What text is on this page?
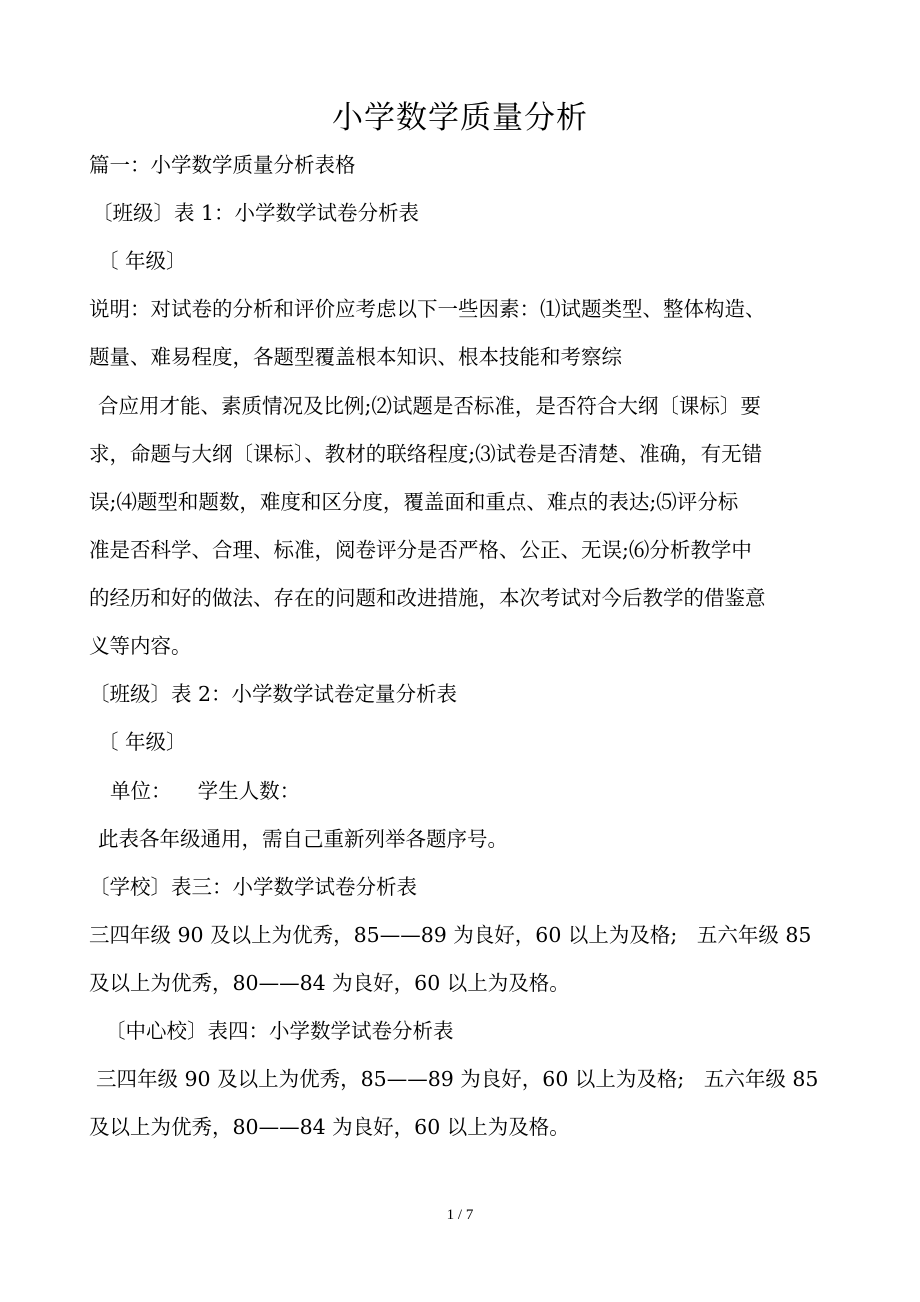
小学数学质量分析
篇一：小学数学质量分析表格
〔班级〕表 1：小学数学试卷分析表
〔 年级〕
说明：对试卷的分析和评价应考虑以下一些因素：⑴试题类型、整体构造、
题量、难易程度，各题型覆盖根本知识、根本技能和考察综
合应用才能、素质情况及比例;⑵试题是否标准，是否符合大纲〔课标〕要
求，命题与大纲〔课标〕、教材的联络程度;⑶试卷是否清楚、准确，有无错
误;⑷题型和题数，难度和区分度，覆盖面和重点、难点的表达;⑸评分标
准是否科学、合理、标准，阅卷评分是否严格、公正、无误;⑹分析教学中
的经历和好的做法、存在的问题和改进措施，本次考试对今后教学的借鉴意
义等内容。
〔班级〕表 2：小学数学试卷定量分析表
〔 年级〕
单位：    学生人数：
此表各年级通用，需自己重新列举各题序号。
〔学校〕表三：小学数学试卷分析表
三四年级 90 及以上为优秀，85——89 为良好，60 以上为及格;   五六年级 85
及以上为优秀，80——84 为良好，60 以上为及格。
〔中心校〕表四：小学数学试卷分析表
三四年级 90 及以上为优秀，85——89 为良好，60 以上为及格;   五六年级 85
及以上为优秀，80——84 为良好，60 以上为及格。
1 / 7
